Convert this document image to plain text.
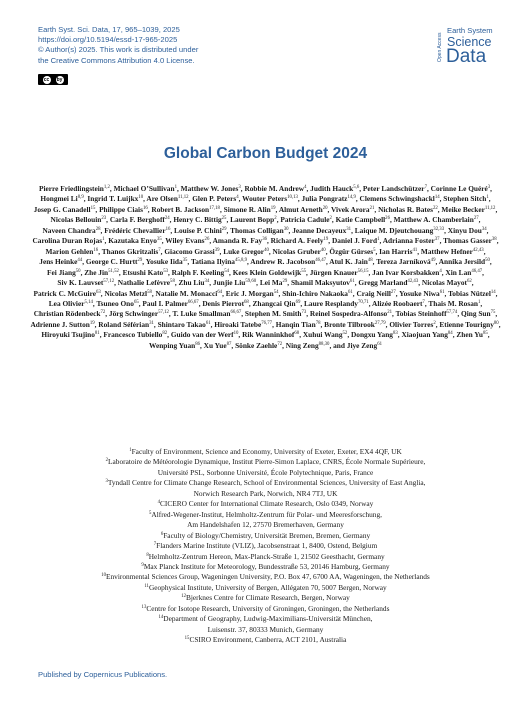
Earth Syst. Sci. Data, 17, 965–1039, 2025
https://doi.org/10.5194/essd-17-965-2025
© Author(s) 2025. This work is distributed under
the Creative Commons Attribution 4.0 License.
cc by
Open Access
Earth System
Science
Data
Global Carbon Budget 2024

Pierre Friedlingstein$^{1,2}$, Michael O’Sullivan$^1$, Matthew W. Jones$^3$, Robbie M. Andrew$^4$, Judith Hauck$^{5,6}$, Peter Landschützer$^7$, Corinne Le Quéré$^3$, Hongmei Li$^{8,9}$, Ingrid T. Luijkx$^{10}$, Are Olsen$^{11,12}$, Glen P. Peters$^4$, Wouter Peters$^{10,13}$, Julia Pongratz$^{14,9}$, Clemens Schwingshackl$^{14}$, Stephen Sitch$^1$, Josep G. Canadell$^{15}$, Philippe Ciais$^{16}$, Robert B. Jackson$^{17,18}$, Simone R. Alin$^{19}$, Almut Arneth$^{20}$, Vivek Arora$^{21}$, Nicholas R. Bates$^{22}$, Meike Becker$^{11,12}$, Nicolas Bellouin$^{23}$, Carla F. Berghoff$^{24}$, Henry C. Bittig$^{25}$, Laurent Bopp$^2$, Patricia Cadule$^2$, Katie Campbell$^{26}$, Matthew A. Chamberlain$^{27}$, Naveen Chandra$^{28}$, Frédéric Chevallier$^{16}$, Louise P. Chini$^{29}$, Thomas Colligan$^{30}$, Jeanne Decayeux$^{31}$, Laique M. Djeutchouang$^{32,33}$, Xinyu Dou$^{34}$, Carolina Duran Rojas$^1$, Kazutaka Enyo$^{35}$, Wiley Evans$^{26}$, Amanda R. Fay$^{36}$, Richard A. Feely$^{19}$, Daniel J. Ford$^1$, Adrianna Foster$^{37}$, Thomas Gasser$^{38}$, Marion Gehlen$^{16}$, Thanos Gkritzalis$^7$, Giacomo Grassi$^{39}$, Luke Gregor$^{40}$, Nicolas Gruber$^{40}$, Özgür Gürses$^5$, Ian Harris$^{41}$, Matthew Hefner$^{42,43}$, Jens Heinke$^{44}$, George C. Hurtt$^{29}$, Yosuke Iida$^{35}$, Tatiana Ilyina$^{45,8,9}$, Andrew R. Jacobson$^{46,47}$, Atul K. Jain$^{48}$, Tereza Jarníková$^{49}$, Annika Jersild$^{50}$, Fei Jiang$^{50}$, Zhe Jin$^{51,52}$, Etsushi Kato$^{53}$, Ralph F. Keeling$^{54}$, Kees Klein Goldewijk$^{55}$, Jürgen Knauer$^{56,15}$, Jan Ivar Korsbakken$^4$, Xin Lan$^{46,47}$, Siv K. Lauvset$^{57,12}$, Nathalie Lefèvre$^{58}$, Zhu Liu$^{34}$, Junjie Liu$^{59,60}$, Lei Ma$^{29}$, Shamil Maksyutov$^{61}$, Gregg Marland$^{42,43}$, Nicolas Mayot$^{62}$, Patrick C. McGuire$^{63}$, Nicolas Metzl$^{58}$, Natalie M. Monacci$^{64}$, Eric J. Morgan$^{54}$, Shin-Ichiro Nakaoka$^{61}$, Craig Neill$^{27}$, Yosuke Niwa$^{61}$, Tobias Nützel$^{14}$, Lea Olivier$^{5,14}$, Tsuneo Ono$^{65}$, Paul I. Palmer$^{66,67}$, Denis Pierrot$^{68}$, Zhangcai Qin$^{69}$, Laure Resplandy$^{70,71}$, Alizée Roobaert$^7$, Thais M. Rosan$^1$, Christian Rödenbeck$^{72}$, Jörg Schwinger$^{57,12}$, T. Luke Smallman$^{66,67}$, Stephen M. Smith$^{73}$, Reinel Sospedra-Alfonso$^{21}$, Tobias Steinhoff$^{57,74}$, Qing Sun$^{75}$, Adrienne J. Sutton$^{19}$, Roland Séférian$^{31}$, Shintaro Takao$^{61}$, Hiroaki Tatebe$^{76,77}$, Hanqin Tian$^{78}$, Bronte Tilbrook$^{27,79}$, Olivier Torres$^2$, Etienne Tourigny$^{80}$, Hiroyuki Tsujino$^{81}$, Francesco Tubiello$^{82}$, Guido van der Werf$^{10}$, Rik Wanninkhof$^{68}$, Xuhui Wang$^{52}$, Dongxu Yang$^{83}$, Xiaojuan Yang$^{84}$, Zhen Yu$^{85}$, Wenping Yuan$^{86}$, Xu Yue$^{87}$, Sönke Zaehle$^{72}$, Ning Zeng$^{88,30}$, and Jiye Zeng$^{61}$

$^1$Faculty of Environment, Science and Economy, University of Exeter, Exeter, EX4 4QF, UK

$^2$Laboratoire de Météorologie Dynamique, Institut Pierre-Simon Laplace, CNRS, École Normale Supérieure,

Université PSL, Sorbonne Université, École Polytechnique, Paris, France

$^3$Tyndall Centre for Climate Change Research, School of Environmental Sciences, University of East Anglia,

Norwich Research Park, Norwich, NR4 7TJ, UK

$^4$CICERO Center for International Climate Research, Oslo 0349, Norway

$^5$Alfred-Wegener-Institut, Helmholtz-Zentrum für Polar- und Meeresforschung,

Am Handelshafen 12, 27570 Bremerhaven, Germany

$^6$Faculty of Biology/Chemistry, Universität Bremen, Bremen, Germany

$^7$Flanders Marine Institute (VLIZ), Jacobsenstraat 1, 8400, Ostend, Belgium

$^8$Helmholtz-Zentrum Hereon, Max-Planck-Straße 1, 21502 Geesthacht, Germany

$^9$Max Planck Institute for Meteorology, Bundesstraße 53, 20146 Hamburg, Germany

$^{10}$Environmental Sciences Group, Wageningen University, P.O. Box 47, 6700 AA, Wageningen, the Netherlands

$^{11}$Geophysical Institute, University of Bergen, Allégaten 70, 5007 Bergen, Norway

$^{12}$Bjerknes Centre for Climate Research, Bergen, Norway

$^{13}$Centre for Isotope Research, University of Groningen, Groningen, the Netherlands

$^{14}$Department of Geography, Ludwig-Maximilians-Universität München,

Luisenstr. 37, 80333 Munich, Germany

$^{15}$CSIRO Environment, Canberra, ACT 2101, Australia

Published by Copernicus Publications.
